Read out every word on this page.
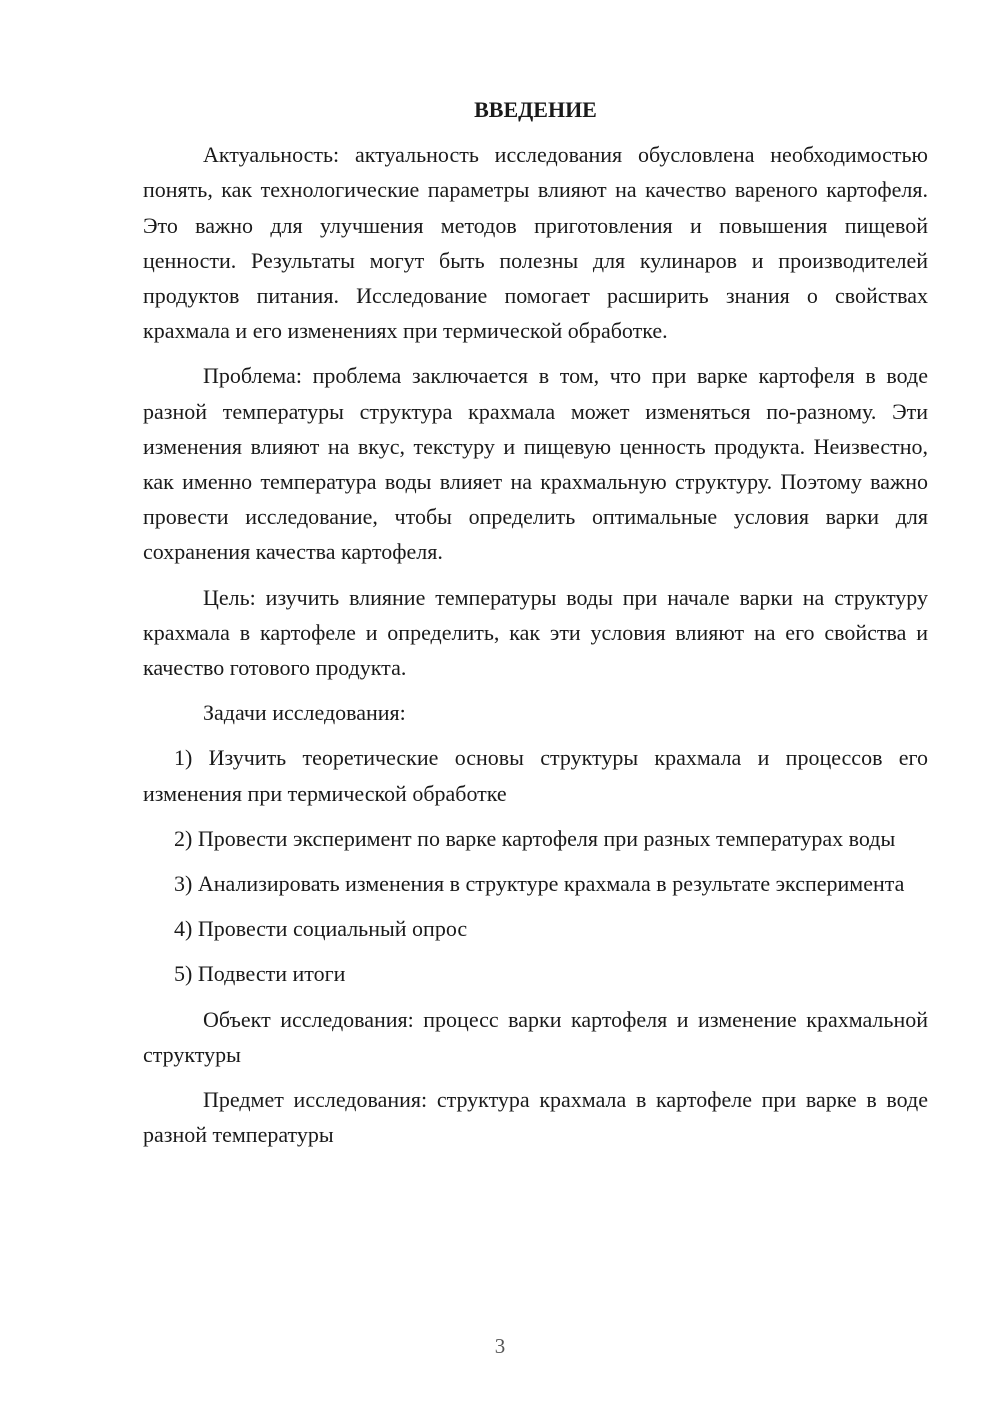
ВВЕДЕНИЕ

Актуальность: актуальность исследования обусловлена необходимостью понять, как технологические параметры влияют на качество вареного картофеля. Это важно для улучшения методов приготовления и повышения пищевой ценности. Результаты могут быть полезны для кулинаров и производителей продуктов питания. Исследование помогает расширить знания о свойствах крахмала и его изменениях при термической обработке.

Проблема: проблема заключается в том, что при варке картофеля в воде разной температуры структура крахмала может изменяться по-разному. Эти изменения влияют на вкус, текстуру и пищевую ценность продукта. Неизвестно, как именно температура воды влияет на крахмальную структуру. Поэтому важно провести исследование, чтобы определить оптимальные условия варки для сохранения качества картофеля.

Цель: изучить влияние температуры воды при начале варки на структуру крахмала в картофеле и определить, как эти условия влияют на его свойства и качество готового продукта.

Задачи исследования:

1) Изучить теоретические основы структуры крахмала и процессов его изменения при термической обработке

2) Провести эксперимент по варке картофеля при разных температурах воды

3) Анализировать изменения в структуре крахмала в результате эксперимента

4) Провести социальный опрос

5) Подвести итоги

Объект исследования: процесс варки картофеля и изменение крахмальной структуры

Предмет исследования: структура крахмала в картофеле при варке в воде разной температуры

3
